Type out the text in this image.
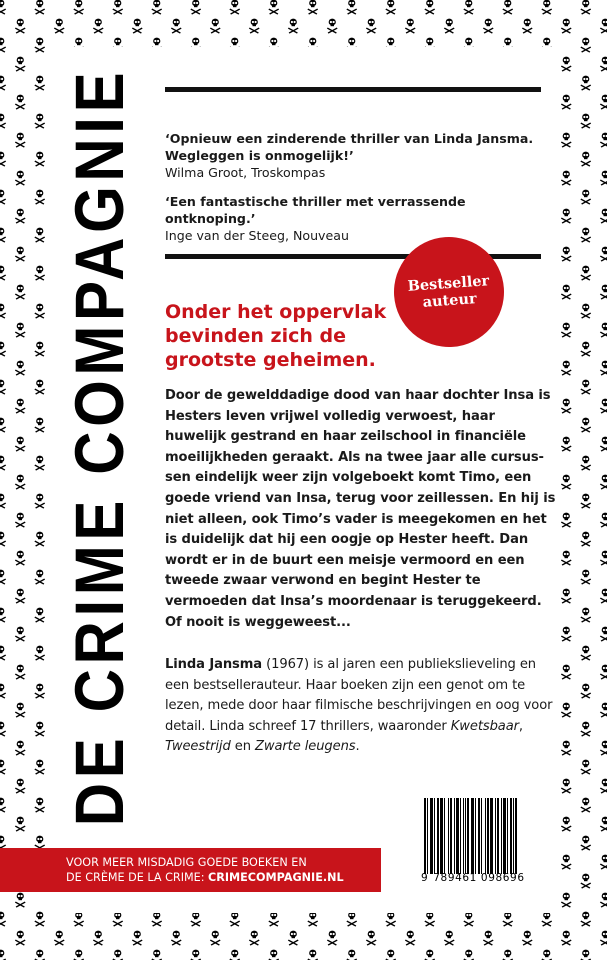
DE CRIME COMPAGNIE ‘Opnieuw een zinderende thriller van Linda Jansma. Wegleggen is onmogelijk!’
Wilma Groot, Troskompas
‘Een fantastische thriller met verrassende ontknoping.’
Inge van der Steeg, Nouveau
Bestseller
auteur
Onder het oppervlak bevinden zich de grootste geheimen.
Door de gewelddadige dood van haar dochter Insa is Hesters leven vrijwel volledig verwoest, haar huwelijk gestrand en haar zeilschool in financiële moeilijkheden geraakt. Als na twee jaar alle cursussen eindelijk weer zijn volgeboekt komt Timo, een goede vriend van Insa, terug voor zeillessen. En hij is niet alleen, ook Timo’s vader is meegekomen en het is duidelijk dat hij een oogje op Hester heeft. Dan wordt er in de buurt een meisje vermoord en een tweede zwaar verwond en begint Hester te vermoeden dat Insa’s moordenaar is teruggekeerd. Of nooit is weggeweest...
Linda Jansma (1967) is al jaren een publiekslieveling en een bestsellerauteur. Haar boeken zijn een genot om te lezen, mede door haar filmische beschrijvingen en oog voor detail. Linda schreef 17 thrillers, waaronder Kwetsbaar, Tweestrijd en Zwarte leugens.
VOOR MEER MISDADIG GOEDE BOEKEN EN
DE CRÈME DE LA CRIME: CRIMECOMPAGNIE.NL	9 789461 098696
